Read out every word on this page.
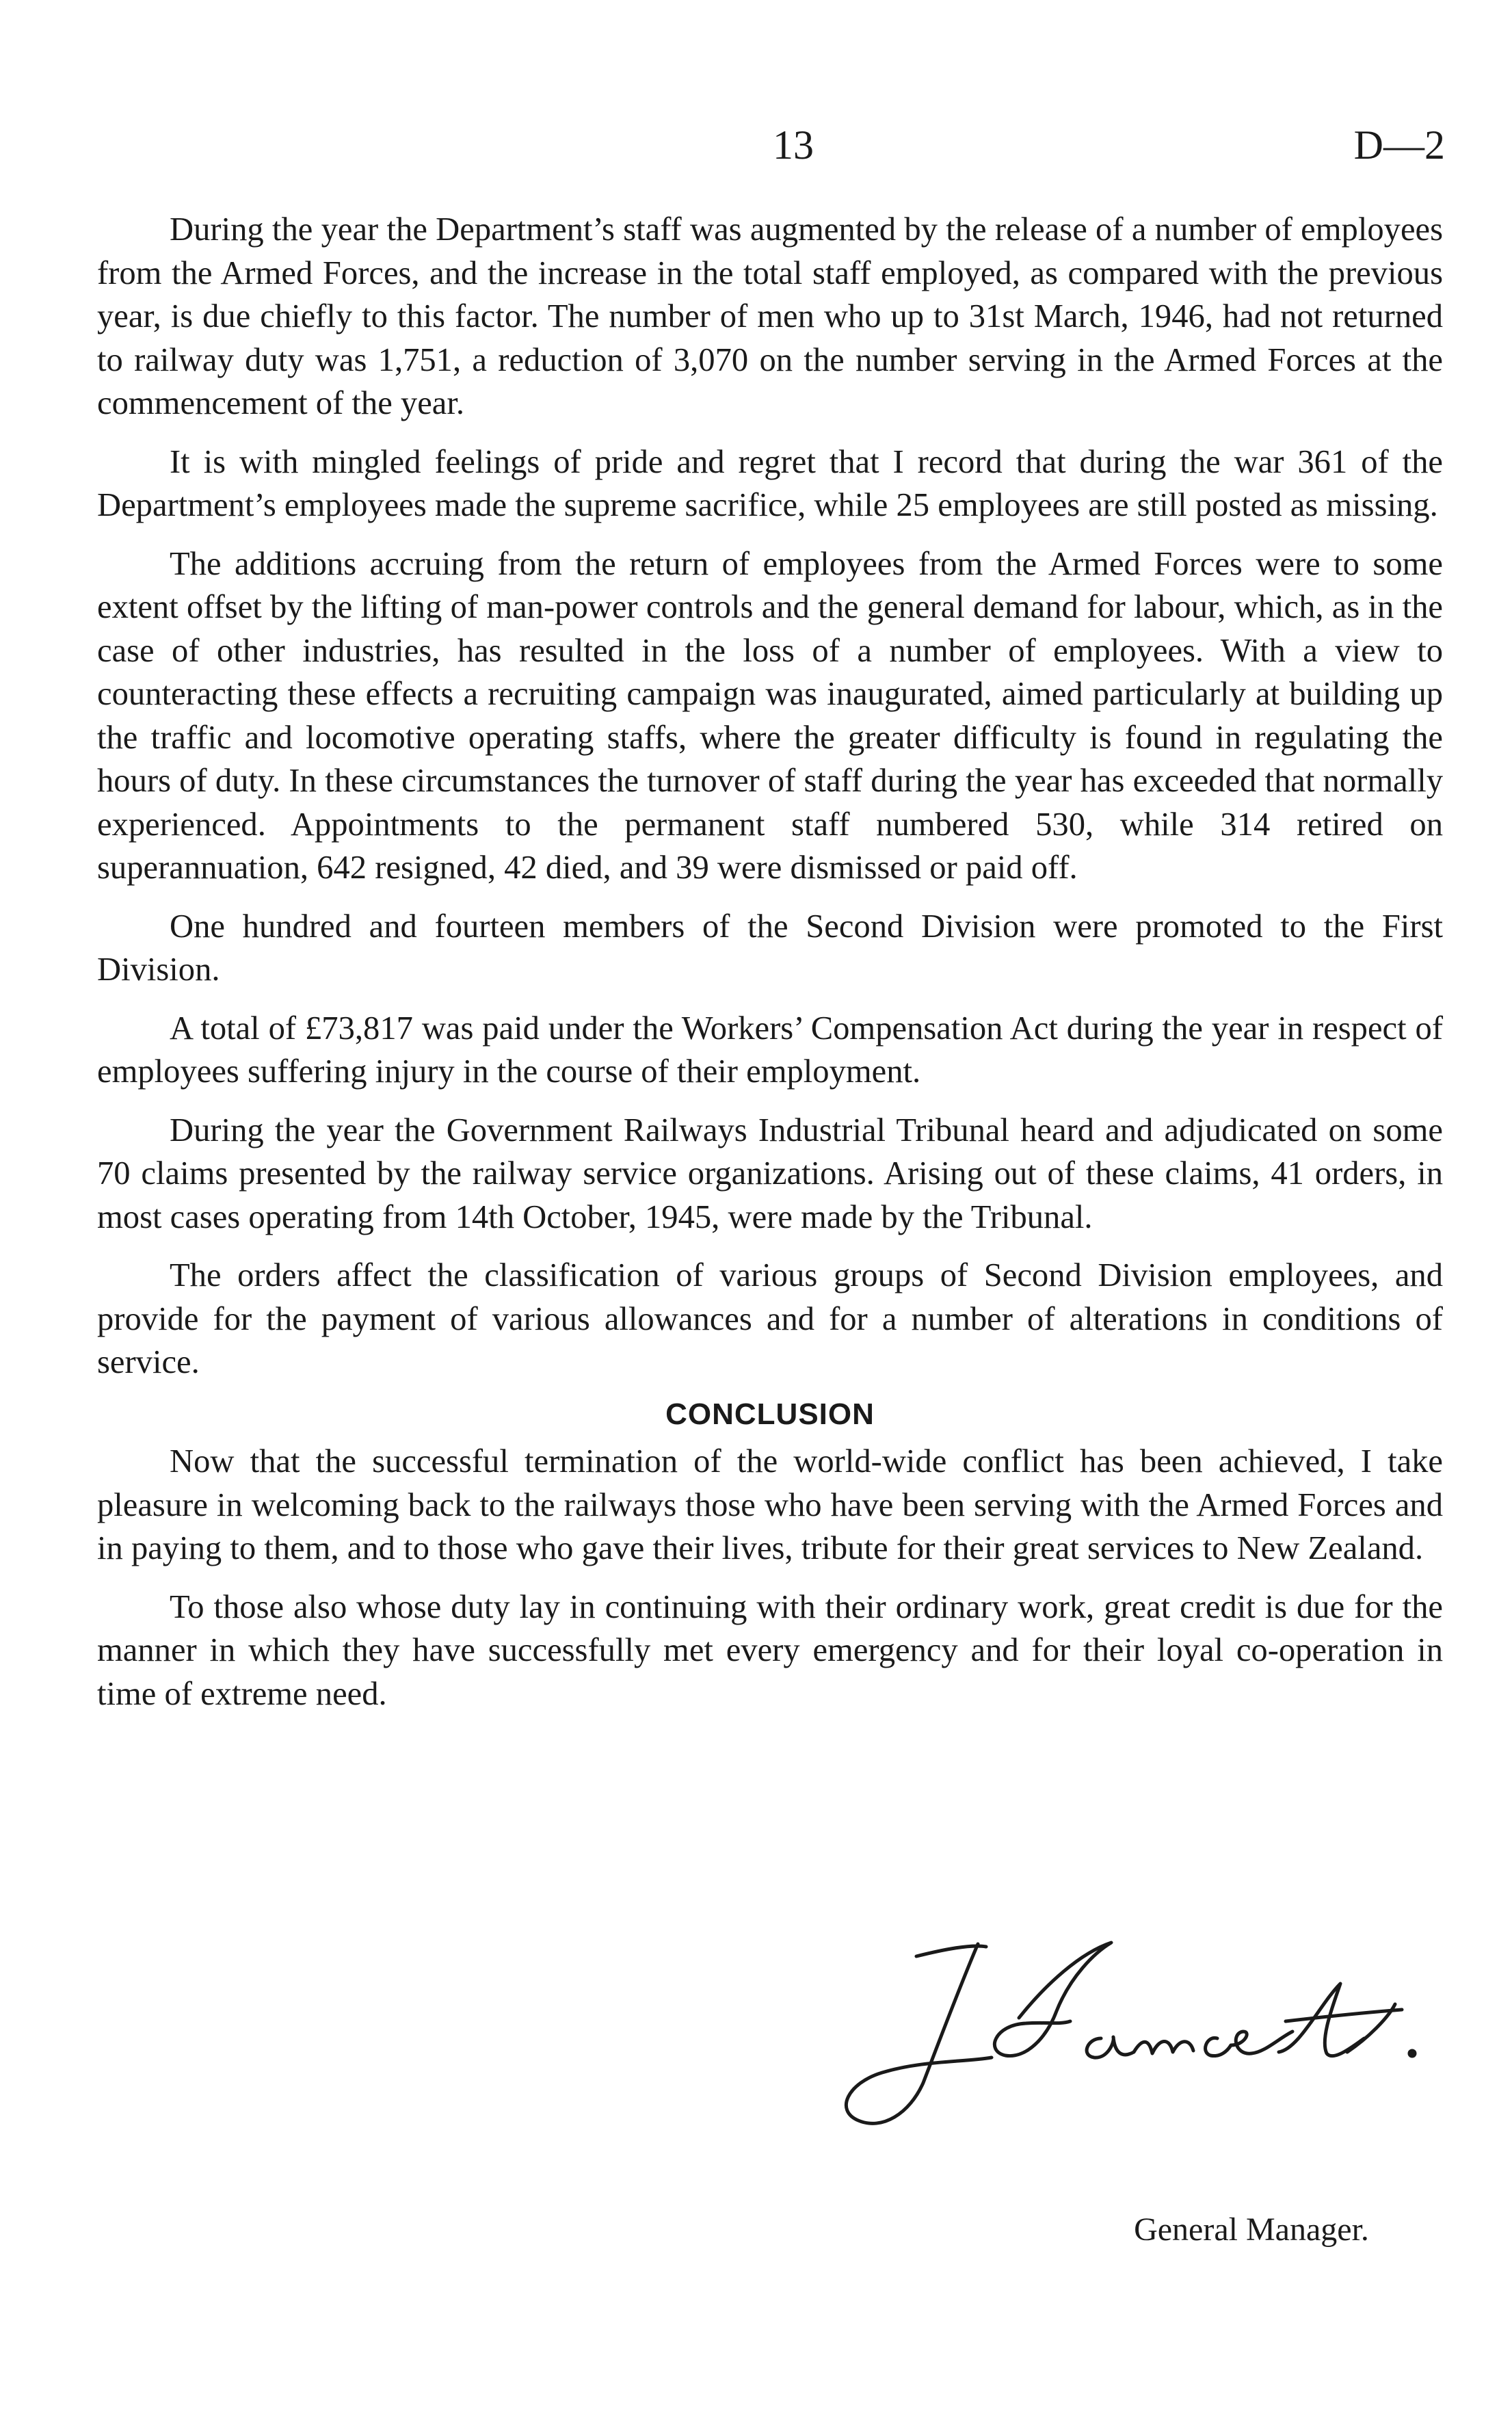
13	D—2

During the year the Department’s staff was augmented by the release of a number of employees from the Armed Forces, and the increase in the total staff employed, as compared with the previous year, is due chiefly to this factor. The number of men who up to 31st March, 1946, had not returned to railway duty was 1,751, a reduction of 3,070 on the number serving in the Armed Forces at the commencement of the year.

It is with mingled feelings of pride and regret that I record that during the war 361 of the Department’s employees made the supreme sacrifice, while 25 employees are still posted as missing.

The additions accruing from the return of employees from the Armed Forces were to some extent offset by the lifting of man-power controls and the general demand for labour, which, as in the case of other industries, has resulted in the loss of a number of employees. With a view to counteracting these effects a recruiting campaign was inaugurated, aimed particularly at building up the traffic and locomotive operating staffs, where the greater difficulty is found in regulating the hours of duty. In these circumstances the turnover of staff during the year has exceeded that normally experienced. Appointments to the permanent staff numbered 530, while 314 retired on superannuation, 642 resigned, 42 died, and 39 were dismissed or paid off.

One hundred and fourteen members of the Second Division were promoted to the First Division.

A total of £73,817 was paid under the Workers’ Compensation Act during the year in respect of employees suffering injury in the course of their employment.

During the year the Government Railways Industrial Tribunal heard and adjudicated on some 70 claims presented by the railway service organizations. Arising out of these claims, 41 orders, in most cases operating from 14th October, 1945, were made by the Tribunal.

The orders affect the classification of various groups of Second Division employees, and provide for the payment of various allowances and for a number of alterations in conditions of service.

CONCLUSION

Now that the successful termination of the world-wide conflict has been achieved, I take pleasure in welcoming back to the railways those who have been serving with the Armed Forces and in paying to them, and to those who gave their lives, tribute for their great services to New Zealand.

To those also whose duty lay in continuing with their ordinary work, great credit is due for the manner in which they have successfully met every emergency and for their loyal co-operation in time of extreme need.

General Manager.
